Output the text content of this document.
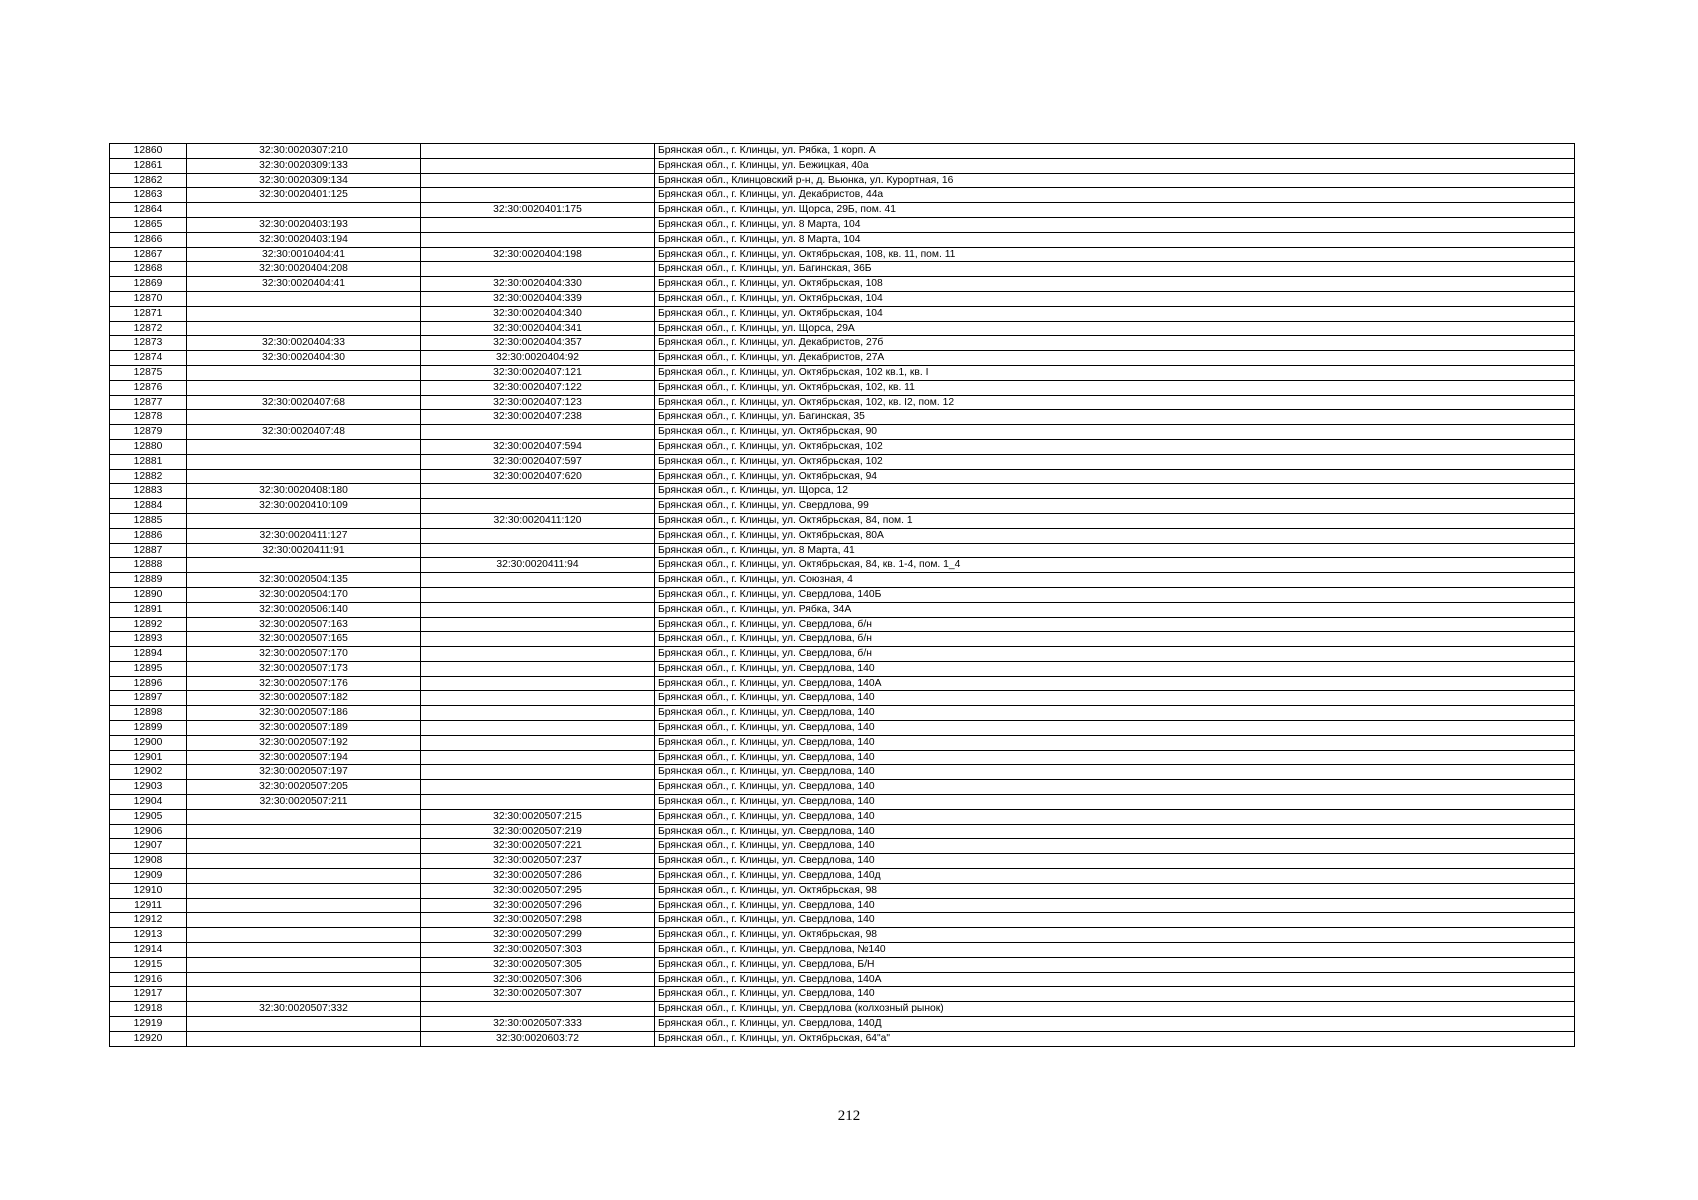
12860	32:30:0020307:210		Брянская обл., г. Клинцы, ул. Рябка, 1 корп. А
12861	32:30:0020309:133		Брянская обл., г. Клинцы, ул. Бежицкая, 40а
12862	32:30:0020309:134		Брянская обл., Клинцовский р-н, д. Вьюнка, ул. Курортная, 16
12863	32:30:0020401:125		Брянская обл., г. Клинцы, ул. Декабристов, 44а
12864		32:30:0020401:175	Брянская обл., г. Клинцы, ул. Щорса, 29Б, пом. 41
12865	32:30:0020403:193		Брянская обл., г. Клинцы, ул. 8 Марта, 104
12866	32:30:0020403:194		Брянская обл., г. Клинцы, ул. 8 Марта, 104
12867	32:30:0010404:41	32:30:0020404:198	Брянская обл., г. Клинцы, ул. Октябрьская, 108, кв. 11, пом. 11
12868	32:30:0020404:208		Брянская обл., г. Клинцы, ул. Багинская, 36Б
12869	32:30:0020404:41	32:30:0020404:330	Брянская обл., г. Клинцы, ул. Октябрьская, 108
12870		32:30:0020404:339	Брянская обл., г. Клинцы, ул. Октябрьская, 104
12871		32:30:0020404:340	Брянская обл., г. Клинцы, ул. Октябрьская, 104
12872		32:30:0020404:341	Брянская обл., г. Клинцы, ул. Щорса, 29А
12873	32:30:0020404:33	32:30:0020404:357	Брянская обл., г. Клинцы, ул. Декабристов, 27б
12874	32:30:0020404:30	32:30:0020404:92	Брянская обл., г. Клинцы, ул. Декабристов, 27А
12875		32:30:0020407:121	Брянская обл., г. Клинцы, ул. Октябрьская, 102 кв.1, кв. I
12876		32:30:0020407:122	Брянская обл., г. Клинцы, ул. Октябрьская, 102, кв. 11
12877	32:30:0020407:68	32:30:0020407:123	Брянская обл., г. Клинцы, ул. Октябрьская, 102, кв. I2, пом. 12
12878		32:30:0020407:238	Брянская обл., г. Клинцы, ул. Багинская, 35
12879	32:30:0020407:48		Брянская обл., г. Клинцы, ул. Октябрьская, 90
12880		32:30:0020407:594	Брянская обл., г. Клинцы, ул. Октябрьская, 102
12881		32:30:0020407:597	Брянская обл., г. Клинцы, ул. Октябрьская, 102
12882		32:30:0020407:620	Брянская обл., г. Клинцы, ул. Октябрьская, 94
12883	32:30:0020408:180		Брянская обл., г. Клинцы, ул. Щорса, 12
12884	32:30:0020410:109		Брянская обл., г. Клинцы, ул. Свердлова, 99
12885		32:30:0020411:120	Брянская обл., г. Клинцы, ул. Октябрьская, 84, пом. 1
12886	32:30:0020411:127		Брянская обл., г. Клинцы, ул. Октябрьская, 80А
12887	32:30:0020411:91		Брянская обл., г. Клинцы, ул. 8 Марта, 41
12888		32:30:0020411:94	Брянская обл., г. Клинцы, ул. Октябрьская, 84, кв. 1-4, пом. 1_4
12889	32:30:0020504:135		Брянская обл., г. Клинцы, ул. Союзная, 4
12890	32:30:0020504:170		Брянская обл., г. Клинцы, ул. Свердлова, 140Б
12891	32:30:0020506:140		Брянская обл., г. Клинцы, ул. Рябка, 34А
12892	32:30:0020507:163		Брянская обл., г. Клинцы, ул. Свердлова, б/н
12893	32:30:0020507:165		Брянская обл., г. Клинцы, ул. Свердлова, б/н
12894	32:30:0020507:170		Брянская обл., г. Клинцы, ул. Свердлова, б/н
12895	32:30:0020507:173		Брянская обл., г. Клинцы, ул. Свердлова, 140
12896	32:30:0020507:176		Брянская обл., г. Клинцы, ул. Свердлова, 140А
12897	32:30:0020507:182		Брянская обл., г. Клинцы, ул. Свердлова, 140
12898	32:30:0020507:186		Брянская обл., г. Клинцы, ул. Свердлова, 140
12899	32:30:0020507:189		Брянская обл., г. Клинцы, ул. Свердлова, 140
12900	32:30:0020507:192		Брянская обл., г. Клинцы, ул. Свердлова, 140
12901	32:30:0020507:194		Брянская обл., г. Клинцы, ул. Свердлова, 140
12902	32:30:0020507:197		Брянская обл., г. Клинцы, ул. Свердлова, 140
12903	32:30:0020507:205		Брянская обл., г. Клинцы, ул. Свердлова, 140
12904	32:30:0020507:211		Брянская обл., г. Клинцы, ул. Свердлова, 140
12905		32:30:0020507:215	Брянская обл., г. Клинцы, ул. Свердлова, 140
12906		32:30:0020507:219	Брянская обл., г. Клинцы, ул. Свердлова, 140
12907		32:30:0020507:221	Брянская обл., г. Клинцы, ул. Свердлова, 140
12908		32:30:0020507:237	Брянская обл., г. Клинцы, ул. Свердлова, 140
12909		32:30:0020507:286	Брянская обл., г. Клинцы, ул. Свердлова, 140д
12910		32:30:0020507:295	Брянская обл., г. Клинцы, ул. Октябрьская, 98
12911		32:30:0020507:296	Брянская обл., г. Клинцы, ул. Свердлова, 140
12912		32:30:0020507:298	Брянская обл., г. Клинцы, ул. Свердлова, 140
12913		32:30:0020507:299	Брянская обл., г. Клинцы, ул. Октябрьская, 98
12914		32:30:0020507:303	Брянская обл., г. Клинцы, ул. Свердлова, №140
12915		32:30:0020507:305	Брянская обл., г. Клинцы, ул. Свердлова, Б/Н
12916		32:30:0020507:306	Брянская обл., г. Клинцы, ул. Свердлова, 140А
12917		32:30:0020507:307	Брянская обл., г. Клинцы, ул. Свердлова, 140
12918	32:30:0020507:332		Брянская обл., г. Клинцы, ул. Свердлова (колхозный рынок)
12919		32:30:0020507:333	Брянская обл., г. Клинцы, ул. Свердлова, 140Д
12920		32:30:0020603:72	Брянская обл., г. Клинцы, ул. Октябрьская, 64"а"
212
